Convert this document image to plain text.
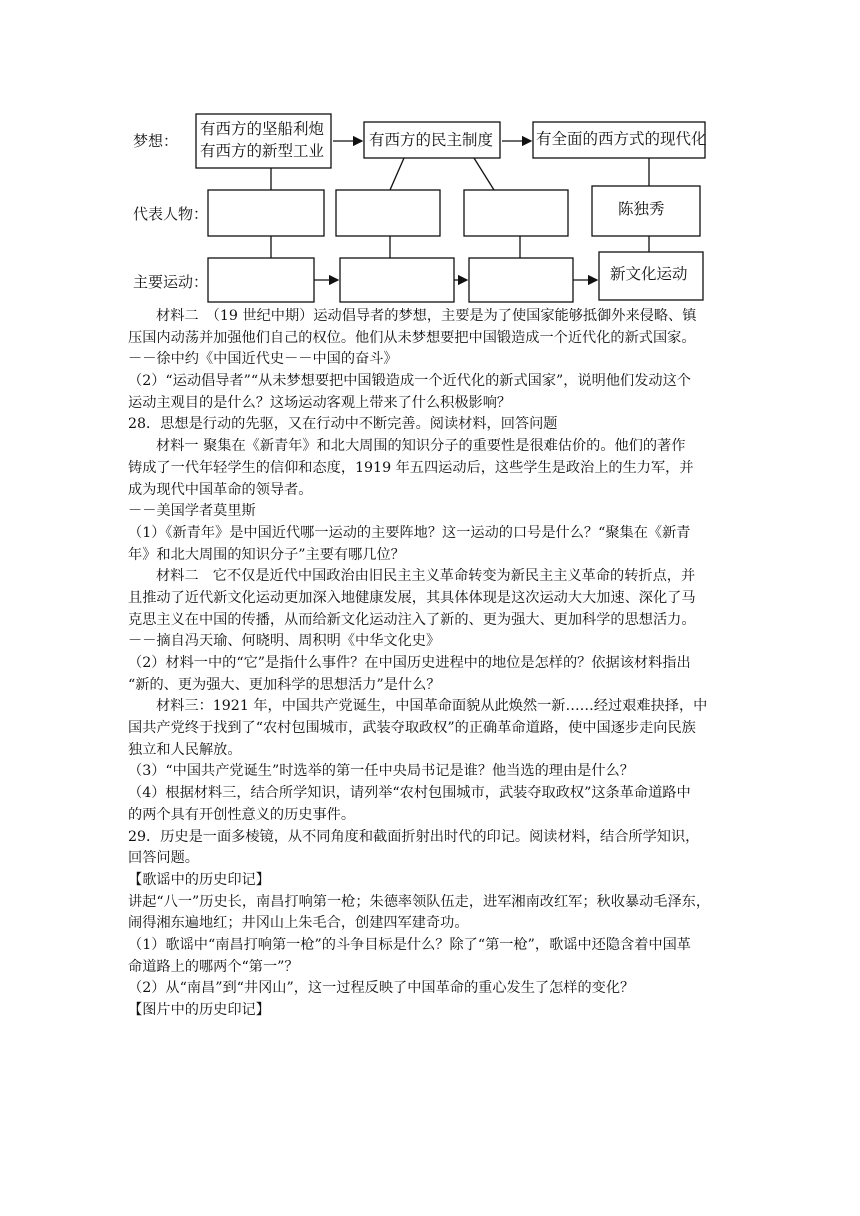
梦想：
代表人物：
主要运动：
有西方的坚船利炮
有西方的新型工业
有西方的民主制度	有全面的西方式的现代化
陈独秀
新文化运动
材料二　（19 世纪中期）运动倡导者的梦想，主要是为了使国家能够抵御外来侵略、镇
压国内动荡并加强他们自己的权位。他们从未梦想要把中国锻造成一个近代化的新式国家。
－－徐中约《中国近代史－－中国的奋斗》
（2）“运动倡导者”“从未梦想要把中国锻造成一个近代化的新式国家”，说明他们发动这个
运动主观目的是什么？这场运动客观上带来了什么积极影响？
28．思想是行动的先驱，又在行动中不断完善。阅读材料，回答问题
材料一 聚集在《新青年》和北大周围的知识分子的重要性是很难估价的。他们的著作
铸成了一代年轻学生的信仰和态度，1919 年五四运动后，这些学生是政治上的生力军，并
成为现代中国革命的领导者。
－－美国学者莫里斯
（1）《新青年》是中国近代哪一运动的主要阵地？这一运动的口号是什么？“聚集在《新青
年》和北大周围的知识分子”主要有哪几位？
材料二　它不仅是近代中国政治由旧民主主义革命转变为新民主主义革命的转折点，并
且推动了近代新文化运动更加深入地健康发展，其具体体现是这次运动大大加速、深化了马
克思主义在中国的传播，从而给新文化运动注入了新的、更为强大、更加科学的思想活力。
－－摘自冯天瑜、何晓明、周积明《中华文化史》
（2）材料一中的“它”是指什么事件？在中国历史进程中的地位是怎样的？依据该材料指出
“新的、更为强大、更加科学的思想活力”是什么？
材料三：1921 年，中国共产党诞生，中国革命面貌从此焕然一新……经过艰难抉择，中
国共产党终于找到了“农村包围城市，武装夺取政权”的正确革命道路，使中国逐步走向民族
独立和人民解放。
（3）“中国共产党诞生”时选举的第一任中央局书记是谁？他当选的理由是什么？
（4）根据材料三，结合所学知识，请列举“农村包围城市，武装夺取政权”这条革命道路中
的两个具有开创性意义的历史事件。
29．历史是一面多棱镜，从不同角度和截面折射出时代的印记。阅读材料，结合所学知识，
回答问题。
【歌谣中的历史印记】
讲起“八一”历史长，南昌打响第一枪；朱德率领队伍走，进军湘南改红军；秋收暴动毛泽东，
闹得湘东遍地红；井冈山上朱毛合，创建四军建奇功。
（1）歌谣中“南昌打响第一枪”的斗争目标是什么？除了“第一枪”，歌谣中还隐含着中国革
命道路上的哪两个“第一”？
（2）从“南昌”到“井冈山”，这一过程反映了中国革命的重心发生了怎样的变化？
【图片中的历史印记】
